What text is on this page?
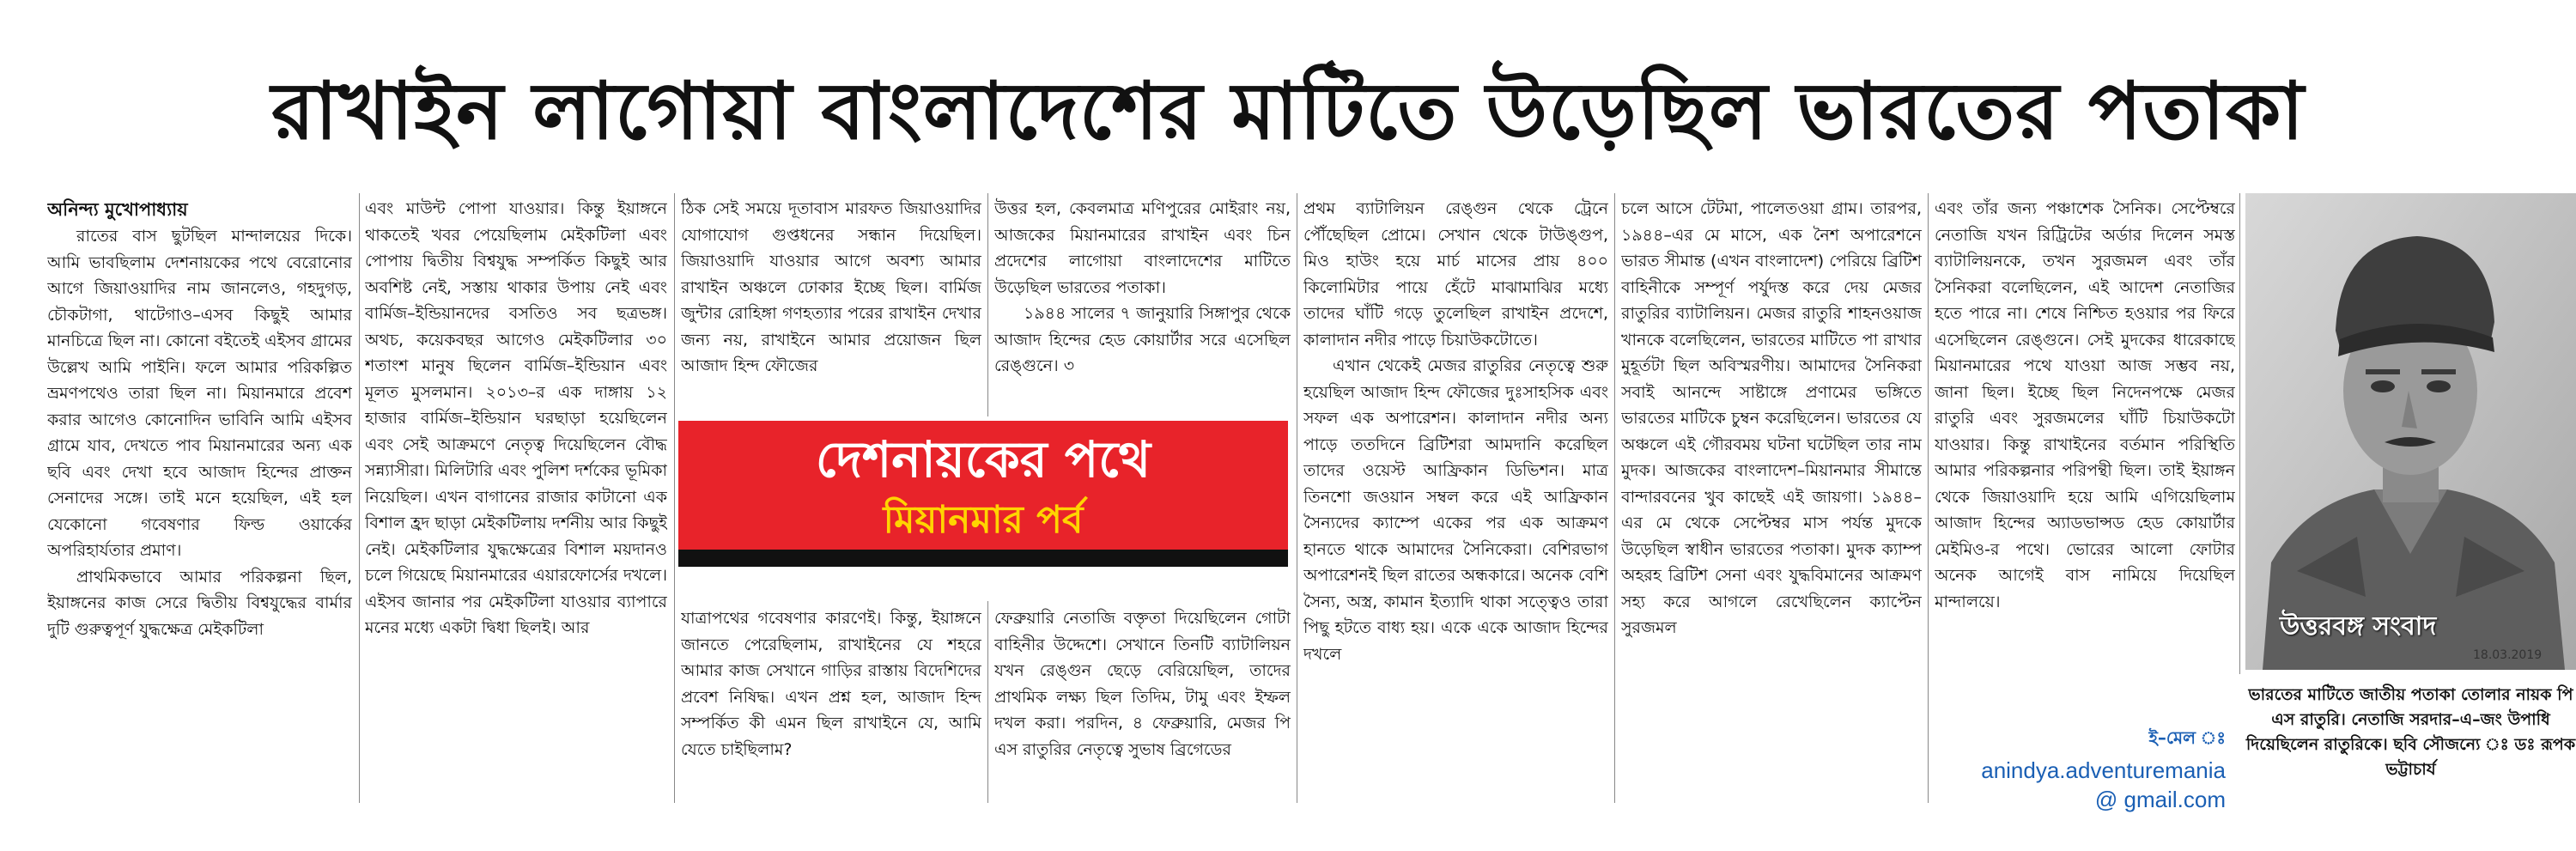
রাখাইন লাগোয়া বাংলাদেশের মাটিতে উড়েছিল ভারতের পতাকা

অনিন্দ্য মুখোপাধ্যায়

রাতের বাস ছুটছিল মান্দালয়ের দিকে। আমি ভাবছিলাম দেশনায়কের পথে বেরোনোর আগে জিয়াওয়াদির নাম জানলেও, গহদুগড়, চৌকটাগা, থাটেগাও–এসব কিছুই আমার মানচিত্রে ছিল না। কোনো বইতেই এইসব গ্রামের উল্লেখ আমি পাইনি। ফলে আমার পরিকল্পিত ভ্রমণপথেও তারা ছিল না। মিয়ানমারে প্রবেশ করার আগেও কোনোদিন ভাবিনি আমি এইসব গ্রামে যাব, দেখতে পাব মিয়ানমারের অন্য এক ছবি এবং দেখা হবে আজাদ হিন্দের প্রাক্তন সেনাদের সঙ্গে। তাই মনে হয়েছিল, এই হল যেকোনো গবেষণার ফিল্ড ওয়ার্কের অপরিহার্যতার প্রমাণ।

প্রাথমিকভাবে আমার পরিকল্পনা ছিল, ইয়াঙ্গনের কাজ সেরে দ্বিতীয় বিশ্বযুদ্ধের বার্মার দুটি গুরুত্বপূর্ণ যুদ্ধক্ষেত্র মেইকটিলা

এবং মাউন্ট পোপা যাওয়ার। কিন্তু ইয়াঙ্গনে থাকতেই খবর পেয়েছিলাম মেইকটিলা এবং পোপায় দ্বিতীয় বিশ্বযুদ্ধ সম্পর্কিত কিছুই আর অবশিষ্ট নেই, সস্তায় থাকার উপায় নেই এবং বার্মিজ–ইন্ডিয়ানদের বসতিও সব ছত্রভঙ্গ। অথচ, কয়েকবছর আগেও মেইকটিলার ৩০ শতাংশ মানুষ ছিলেন বার্মিজ–ইন্ডিয়ান এবং মূলত মুসলমান। ২০১৩–র এক দাঙ্গায় ১২ হাজার বার্মিজ–ইন্ডিয়ান ঘরছাড়া হয়েছিলেন এবং সেই আক্রমণে নেতৃত্ব দিয়েছিলেন বৌদ্ধ সন্ন্যাসীরা। মিলিটারি এবং পুলিশ দর্শকের ভূমিকা নিয়েছিল। এখন বাগানের রাজার কাটানো এক বিশাল হ্রদ ছাড়া মেইকটিলায় দর্শনীয় আর কিছুই নেই। মেইকটিলার যুদ্ধক্ষেত্রের বিশাল ময়দানও চলে গিয়েছে মিয়ানমারের এয়ারফোর্সের দখলে। এইসব জানার পর মেইকটিলা যাওয়ার ব্যাপারে মনের মধ্যে একটা দ্বিধা ছিলই। আর

ঠিক সেই সময়ে দূতাবাস মারফত জিয়াওয়াদির যোগাযোগ গুপ্তধনের সন্ধান দিয়েছিল। জিয়াওয়াদি যাওয়ার আগে অবশ্য আমার রাখাইন অঞ্চলে ঢোকার ইচ্ছে ছিল। বার্মিজ জুন্টার রোহিঙ্গা গণহত্যার পরের রাখাইন দেখার জন্য নয়, রাখাইনে আমার প্রয়োজন ছিল আজাদ হিন্দ ফৌজের

উত্তর হল, কেবলমাত্র মণিপুরের মোইরাং নয়, আজকের মিয়ানমারের রাখাইন এবং চিন প্রদেশের লাগোয়া বাংলাদেশের মাটিতে উড়েছিল ভারতের পতাকা।

১৯৪৪ সালের ৭ জানুয়ারি সিঙ্গাপুর থেকে আজাদ হিন্দের হেড কোয়ার্টার সরে এসেছিল রেঙ্গুনে। ৩

দেশনায়কের পথে
মিয়ানমার পর্ব

যাত্রাপথের গবেষণার কারণেই। কিন্তু, ইয়াঙ্গনে জানতে পেরেছিলাম, রাখাইনের যে শহরে আমার কাজ সেখানে গাড়ির রাস্তায় বিদেশিদের প্রবেশ নিষিদ্ধ। এখন প্রশ্ন হল, আজাদ হিন্দ সম্পর্কিত কী এমন ছিল রাখাইনে যে, আমি যেতে চাইছিলাম?

ফেব্রুয়ারি নেতাজি বক্তৃতা দিয়েছিলেন গোটা বাহিনীর উদ্দেশে। সেখানে তিনটি ব্যাটালিয়ন যখন রেঙ্গুন ছেড়ে বেরিয়েছিল, তাদের প্রাথমিক লক্ষ্য ছিল তিদিম, টামু এবং ইম্ফল দখল করা। পরদিন, ৪ ফেব্রুয়ারি, মেজর পি এস রাতুরির নেতৃত্বে সুভাষ ব্রিগেডের

প্রথম ব্যাটালিয়ন রেঙ্গুন থেকে ট্রেনে পৌঁছেছিল প্রোমে। সেখান থেকে টাউঙ্গুপ, মিও হাউং হয়ে মার্চ মাসের প্রায় ৪০০ কিলোমিটার পায়ে হেঁটে মাঝামাঝির মধ্যে তাদের ঘাঁটি গড়ে তুলেছিল রাখাইন প্রদেশে, কালাদান নদীর পাড়ে চিয়াউকটোতে।

এখান থেকেই মেজর রাতুরির নেতৃত্বে শুরু হয়েছিল আজাদ হিন্দ ফৌজের দুঃসাহসিক এবং সফল এক অপারেশন। কালাদান নদীর অন্য পাড়ে ততদিনে ব্রিটিশরা আমদানি করেছিল তাদের ওয়েস্ট আফ্রিকান ডিভিশন। মাত্র তিনশো জওয়ান সম্বল করে এই আফ্রিকান সৈন্যদের ক্যাম্পে একের পর এক আক্রমণ হানতে থাকে আমাদের সৈনিকেরা। বেশিরভাগ অপারেশনই ছিল রাতের অন্ধকারে। অনেক বেশি সৈন্য, অস্ত্র, কামান ইত্যাদি থাকা সত্ত্বেও তারা পিছু হটতে বাধ্য হয়। একে একে আজাদ হিন্দের দখলে

চলে আসে টেটমা, পালেতওয়া গ্রাম। তারপর, ১৯৪৪–এর মে মাসে, এক নৈশ অপারেশনে ভারত সীমান্ত (এখন বাংলাদেশ) পেরিয়ে ব্রিটিশ বাহিনীকে সম্পূর্ণ পর্যুদস্ত করে দেয় মেজর রাতুরির ব্যাটালিয়ন। মেজর রাতুরি শাহনওয়াজ খানকে বলেছিলেন, ভারতের মাটিতে পা রাখার মুহূর্তটা ছিল অবিস্মরণীয়। আমাদের সৈনিকরা সবাই আনন্দে সাষ্টাঙ্গে প্রণামের ভঙ্গিতে ভারতের মাটিকে চুম্বন করেছিলেন। ভারতের যে অঞ্চলে এই গৌরবময় ঘটনা ঘটেছিল তার নাম মুদক। আজকের বাংলাদেশ–মিয়ানমার সীমান্তে বান্দারবনের খুব কাছেই এই জায়গা। ১৯৪৪–এর মে থেকে সেপ্টেম্বর মাস পর্যন্ত মুদকে উড়েছিল স্বাধীন ভারতের পতাকা। মুদক ক্যাম্প অহরহ ব্রিটিশ সেনা এবং যুদ্ধবিমানের আক্রমণ সহ্য করে আগলে রেখেছিলেন ক্যাপ্টেন সুরজমল

এবং তাঁর জন্য পঞ্চাশেক সৈনিক। সেপ্টেম্বরে নেতাজি যখন রিট্রিটের অর্ডার দিলেন সমস্ত ব্যাটালিয়নকে, তখন সুরজমল এবং তাঁর সৈনিকরা বলেছিলেন, এই আদেশ নেতাজির হতে পারে না। শেষে নিশ্চিত হওয়ার পর ফিরে এসেছিলেন রেঙ্গুনে। সেই মুদকের ধারেকাছে মিয়ানমারের পথে যাওয়া আজ সম্ভব নয়, জানা ছিল। ইচ্ছে ছিল নিদেনপক্ষে মেজর রাতুরি এবং সুরজমলের ঘাঁটি চিয়াউকটো যাওয়ার। কিন্তু রাখাইনের বর্তমান পরিস্থিতি আমার পরিকল্পনার পরিপন্থী ছিল। তাই ইয়াঙ্গন থেকে জিয়াওয়াদি হয়ে আমি এগিয়েছিলাম আজাদ হিন্দের অ্যাডভান্সড হেড কোয়ার্টার মেইমিও-র পথে। ভোরের আলো ফোটার অনেক আগেই বাস নামিয়ে দিয়েছিল মান্দালয়ে।

ই–মেল ঃ
anindya.adventuremania @ gmail.com
উত্তরবঙ্গ সংবাদ
18.03.2019
ভারতের মাটিতে জাতীয় পতাকা তোলার নায়ক পি এস রাতুরি। নেতাজি সরদার–এ–জং উপাধি দিয়েছিলেন রাতুরিকে। ছবি সৌজন্যে ঃ ডঃ রূপক ভট্টাচার্য
